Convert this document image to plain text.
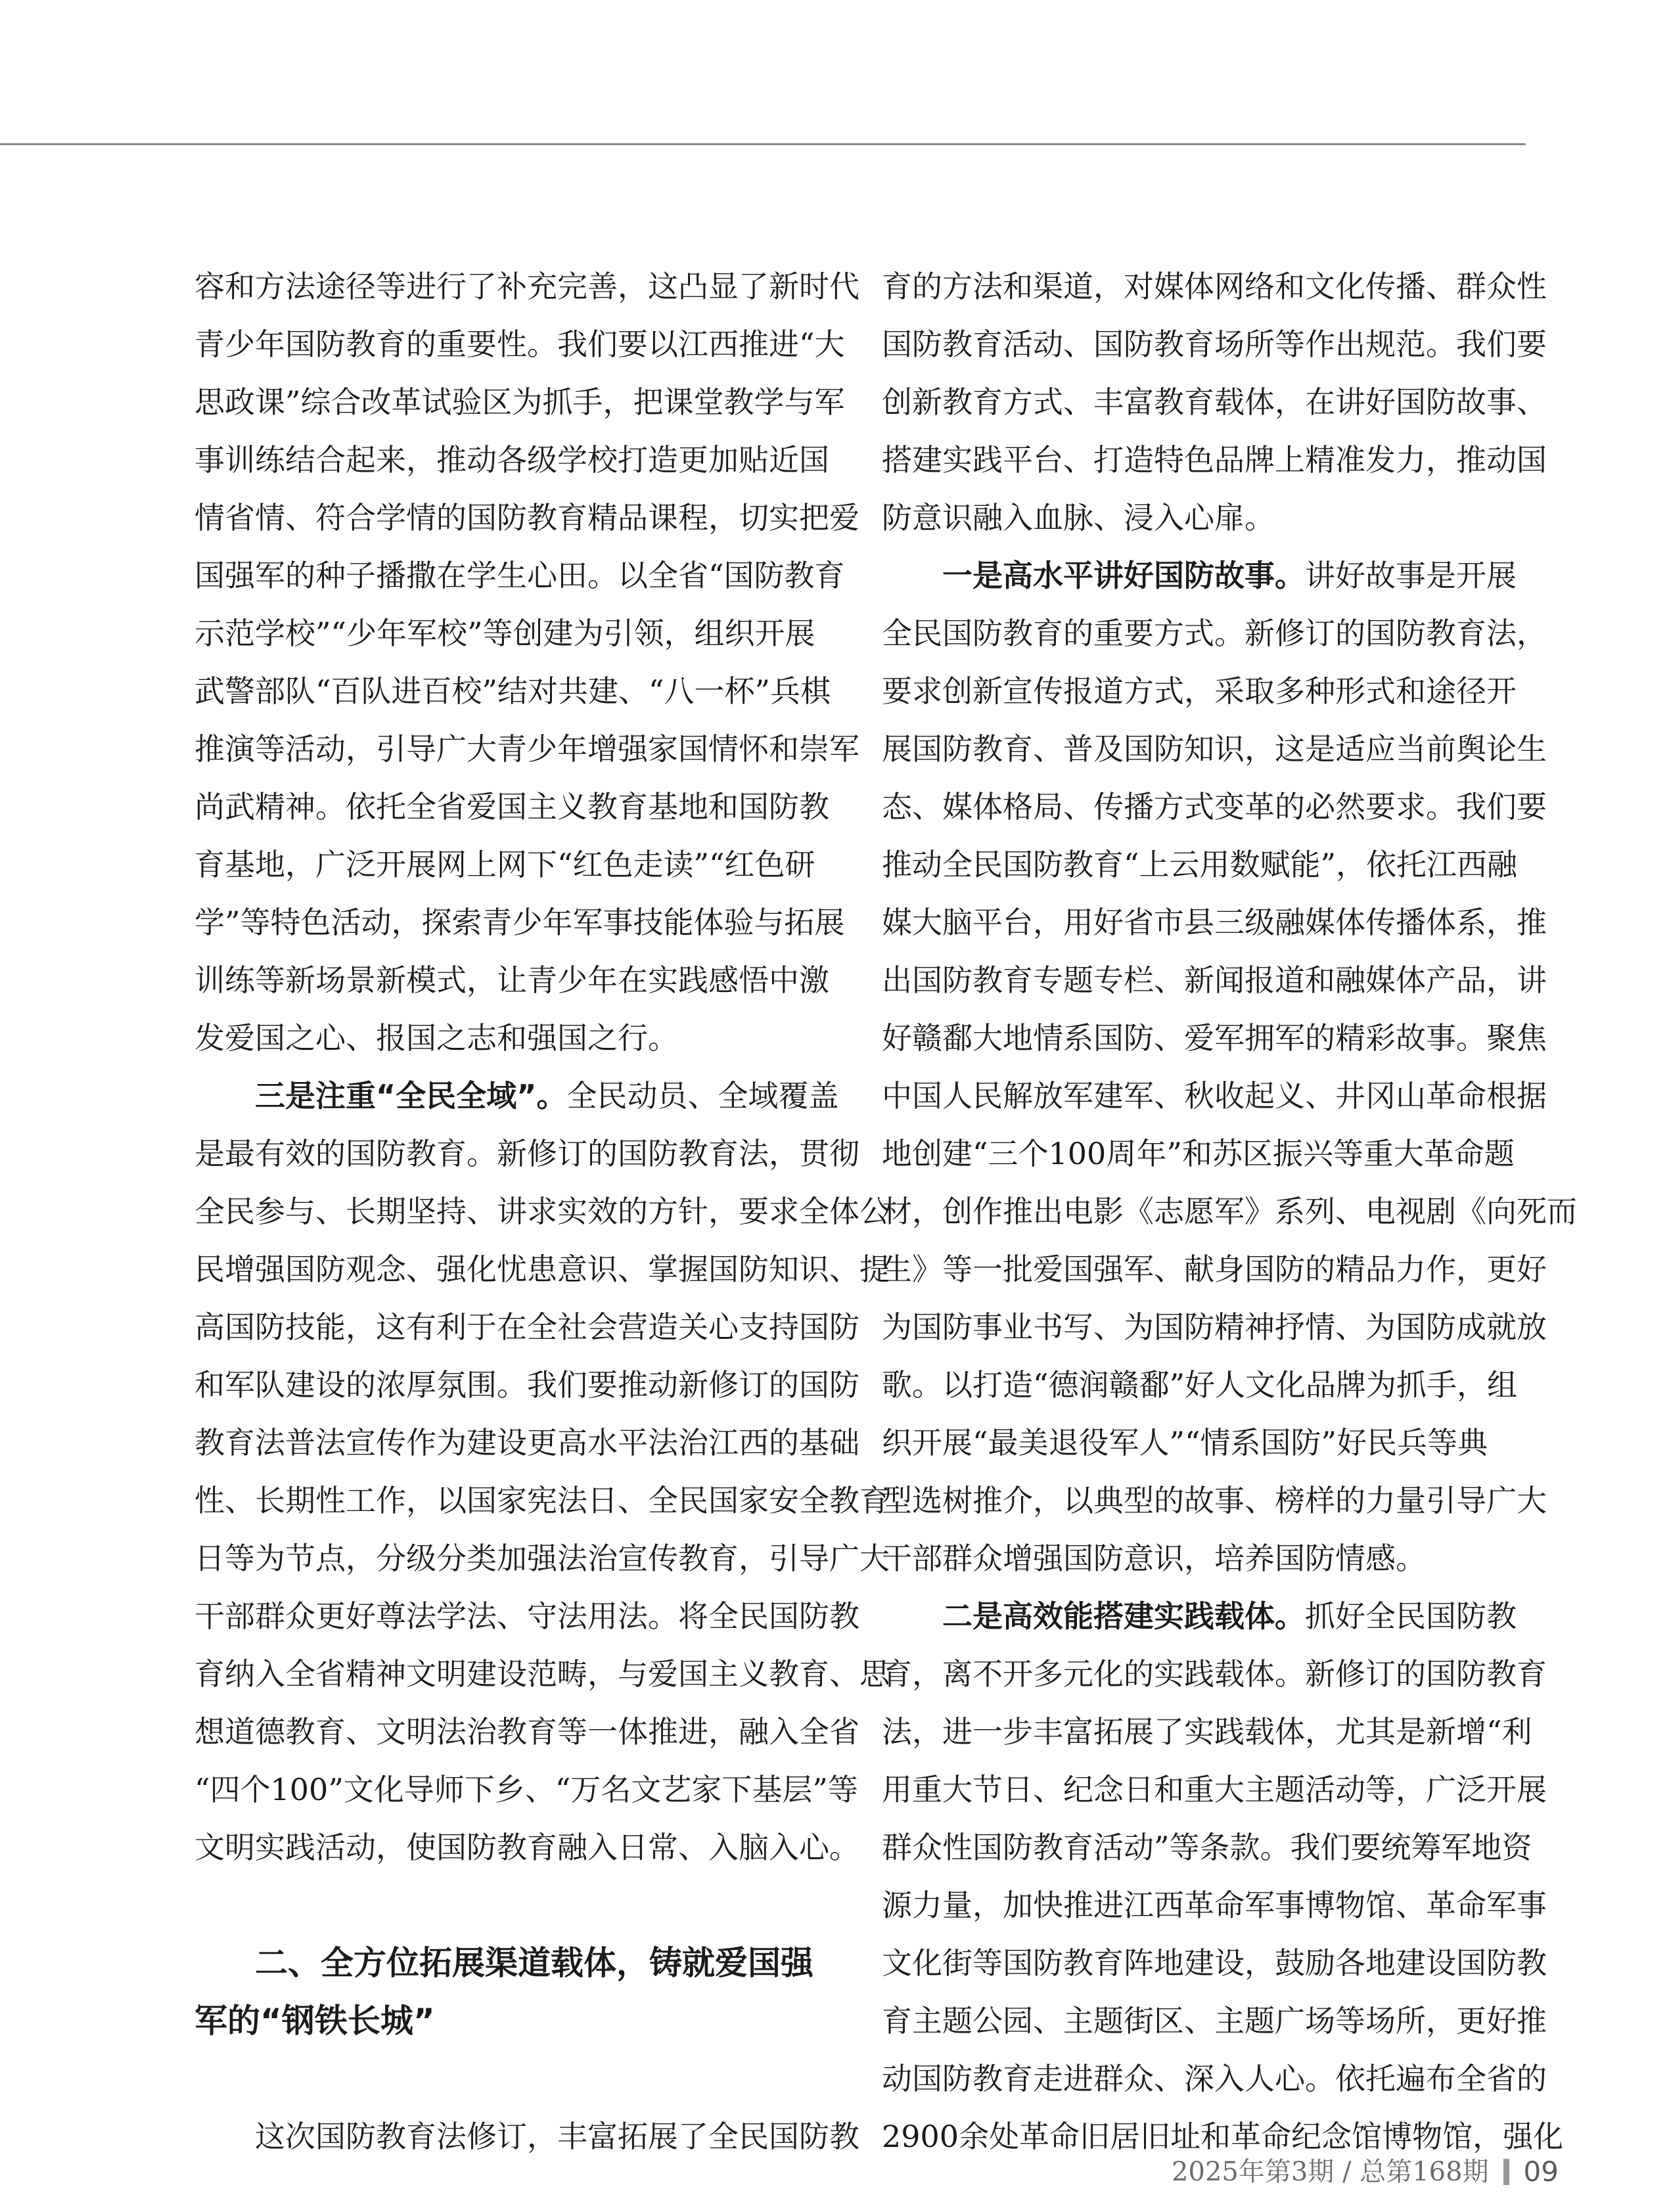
容和方法途径等进行了补充完善，这凸显了新时代
青少年国防教育的重要性。我们要以江西推进“大
思政课”综合改革试验区为抓手，把课堂教学与军
事训练结合起来，推动各级学校打造更加贴近国
情省情、符合学情的国防教育精品课程，切实把爱
国强军的种子播撒在学生心田。以全省“国防教育
示范学校”“少年军校”等创建为引领，组织开展
武警部队“百队进百校”结对共建、“八一杯”兵棋
推演等活动，引导广大青少年增强家国情怀和崇军
尚武精神。依托全省爱国主义教育基地和国防教
育基地，广泛开展网上网下“红色走读”“红色研
学”等特色活动，探索青少年军事技能体验与拓展
训练等新场景新模式，让青少年在实践感悟中激
发爱国之心、报国之志和强国之行。
三是注重“全民全域”。全民动员、全域覆盖
是最有效的国防教育。新修订的国防教育法，贯彻
全民参与、长期坚持、讲求实效的方针，要求全体公
民增强国防观念、强化忧患意识、掌握国防知识、提
高国防技能，这有利于在全社会营造关心支持国防
和军队建设的浓厚氛围。我们要推动新修订的国防
教育法普法宣传作为建设更高水平法治江西的基础
性、长期性工作，以国家宪法日、全民国家安全教育
日等为节点，分级分类加强法治宣传教育，引导广大
干部群众更好尊法学法、守法用法。将全民国防教
育纳入全省精神文明建设范畴，与爱国主义教育、思
想道德教育、文明法治教育等一体推进，融入全省
“四个100”文化导师下乡、“万名文艺家下基层”等
文明实践活动，使国防教育融入日常、入脑入心。
二、全方位拓展渠道载体，铸就爱国强
军的“钢铁长城”
这次国防教育法修订，丰富拓展了全民国防教
育的方法和渠道，对媒体网络和文化传播、群众性
国防教育活动、国防教育场所等作出规范。我们要
创新教育方式、丰富教育载体，在讲好国防故事、
搭建实践平台、打造特色品牌上精准发力，推动国
防意识融入血脉、浸入心扉。
一是高水平讲好国防故事。讲好故事是开展
全民国防教育的重要方式。新修订的国防教育法，
要求创新宣传报道方式，采取多种形式和途径开
展国防教育、普及国防知识，这是适应当前舆论生
态、媒体格局、传播方式变革的必然要求。我们要
推动全民国防教育“上云用数赋能”，依托江西融
媒大脑平台，用好省市县三级融媒体传播体系，推
出国防教育专题专栏、新闻报道和融媒体产品，讲
好赣鄱大地情系国防、爱军拥军的精彩故事。聚焦
中国人民解放军建军、秋收起义、井冈山革命根据
地创建“三个100周年”和苏区振兴等重大革命题
材，创作推出电影《志愿军》系列、电视剧《向死而
生》等一批爱国强军、献身国防的精品力作，更好
为国防事业书写、为国防精神抒情、为国防成就放
歌。以打造“德润赣鄱”好人文化品牌为抓手，组
织开展“最美退役军人”“情系国防”好民兵等典
型选树推介，以典型的故事、榜样的力量引导广大
干部群众增强国防意识，培养国防情感。
二是高效能搭建实践载体。抓好全民国防教
育，离不开多元化的实践载体。新修订的国防教育
法，进一步丰富拓展了实践载体，尤其是新增“利
用重大节日、纪念日和重大主题活动等，广泛开展
群众性国防教育活动”等条款。我们要统筹军地资
源力量，加快推进江西革命军事博物馆、革命军事
文化街等国防教育阵地建设，鼓励各地建设国防教
育主题公园、主题街区、主题广场等场所，更好推
动国防教育走进群众、深入人心。依托遍布全省的
2900余处革命旧居旧址和革命纪念馆博物馆，强化
2025年第3期 / 总第168期 09
